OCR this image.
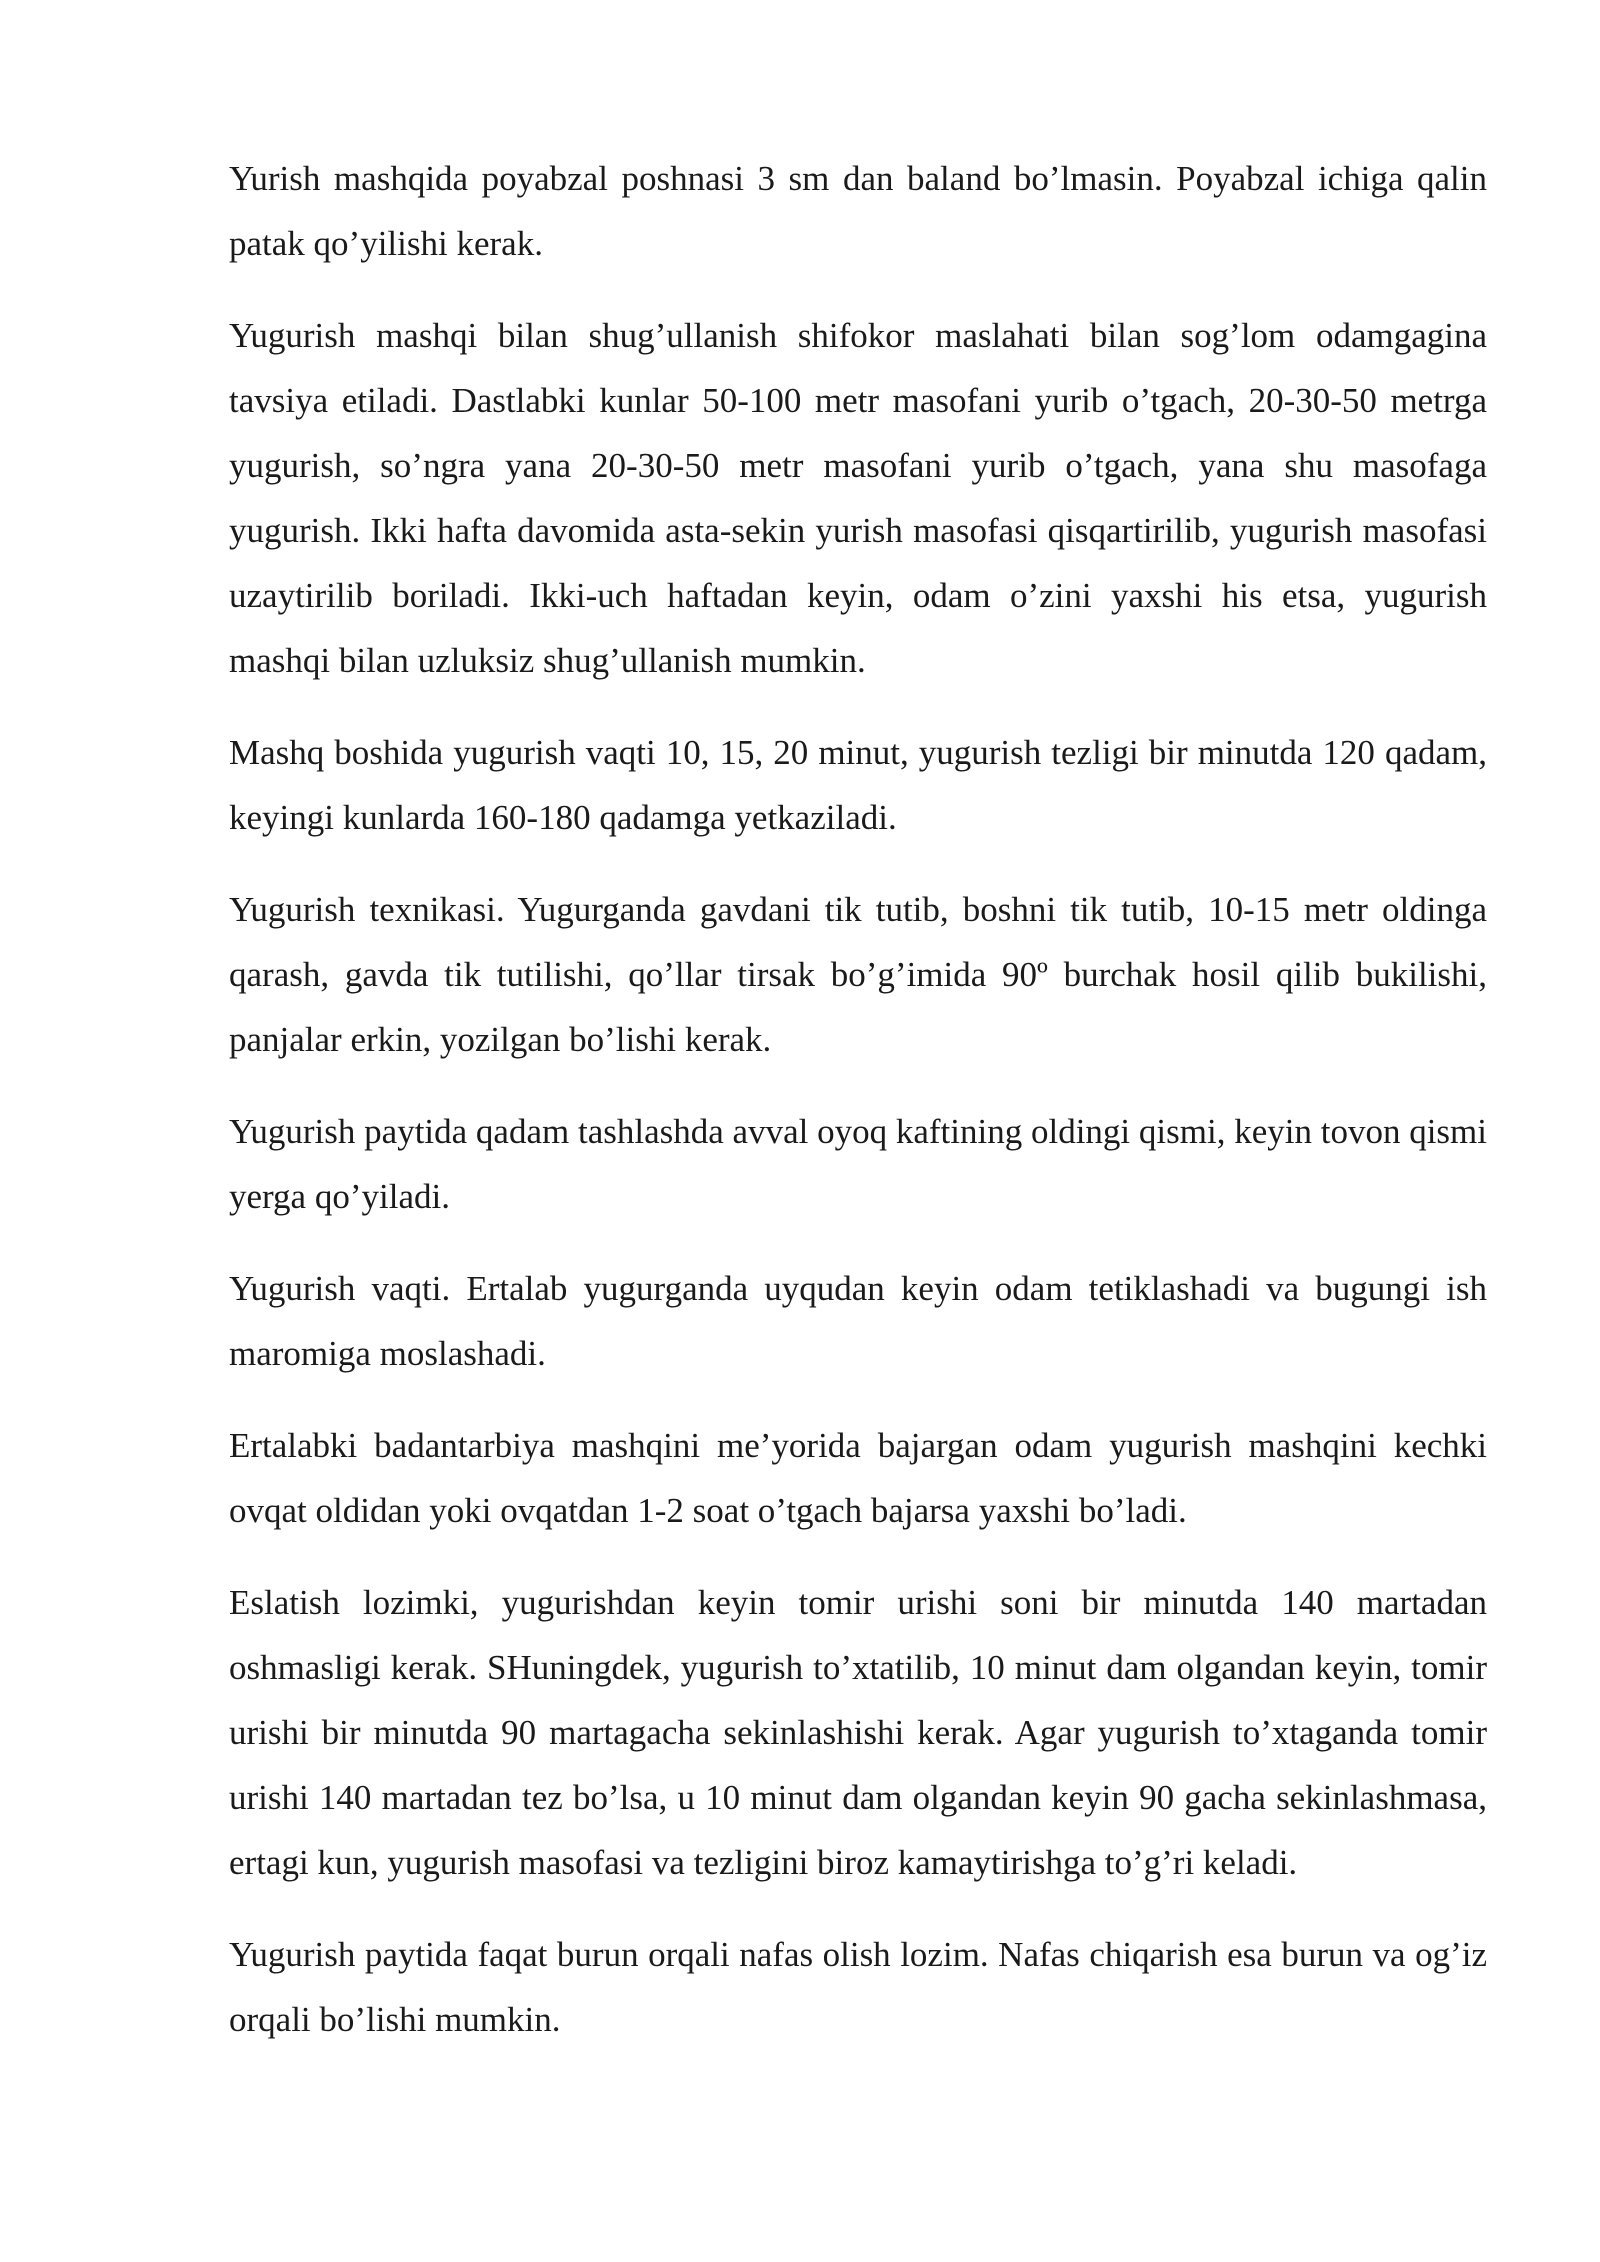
Yurish mashqida poyabzal poshnasi 3 sm dan baland bo’lmasin. Poyabzal ichiga qalin patak qo’yilishi kerak.

Yugurish mashqi bilan shug’ullanish shifokor maslahati bilan sog’lom odamgagina tavsiya etiladi. Dastlabki kunlar 50-100 metr masofani yurib o’tgach, 20-30-50 metrga yugurish, so’ngra yana 20-30-50 metr masofani yurib o’tgach, yana shu masofaga yugurish. Ikki hafta davomida asta-sekin yurish masofasi qisqartirilib, yugurish masofasi uzaytirilib boriladi. Ikki-uch haftadan keyin, odam o’zini yaxshi his etsa, yugurish mashqi bilan uzluksiz shug’ullanish mumkin.

Mashq boshida yugurish vaqti 10, 15, 20 minut, yugurish tezligi bir minutda 120 qadam, keyingi kunlarda 160-180 qadamga yetkaziladi.

Yugurish texnikasi. Yugurganda gavdani tik tutib, boshni tik tutib, 10-15 metr oldinga qarash, gavda tik tutilishi, qo’llar tirsak bo’g’imida 90º burchak hosil qilib bukilishi, panjalar erkin, yozilgan bo’lishi kerak.

Yugurish paytida qadam tashlashda avval oyoq kaftining oldingi qismi, keyin tovon qismi yerga qo’yiladi.

Yugurish vaqti. Ertalab yugurganda uyqudan keyin odam tetiklashadi va bugungi ish maromiga moslashadi.

Ertalabki badantarbiya mashqini me’yorida bajargan odam yugurish mashqini kechki ovqat oldidan yoki ovqatdan 1-2 soat o’tgach bajarsa yaxshi bo’ladi.

Eslatish lozimki, yugurishdan keyin tomir urishi soni bir minutda 140 martadan oshmasligi kerak. SHuningdek, yugurish to’xtatilib, 10 minut dam olgandan keyin, tomir urishi bir minutda 90 martagacha sekinlashishi kerak. Agar yugurish to’xtaganda tomir urishi 140 martadan tez bo’lsa, u 10 minut dam olgandan keyin 90 gacha sekinlashmasa, ertagi kun, yugurish masofasi va tezligini biroz kamaytirishga to’g’ri keladi.

Yugurish paytida faqat burun orqali nafas olish lozim. Nafas chiqarish esa burun va og’iz orqali bo’lishi mumkin.
